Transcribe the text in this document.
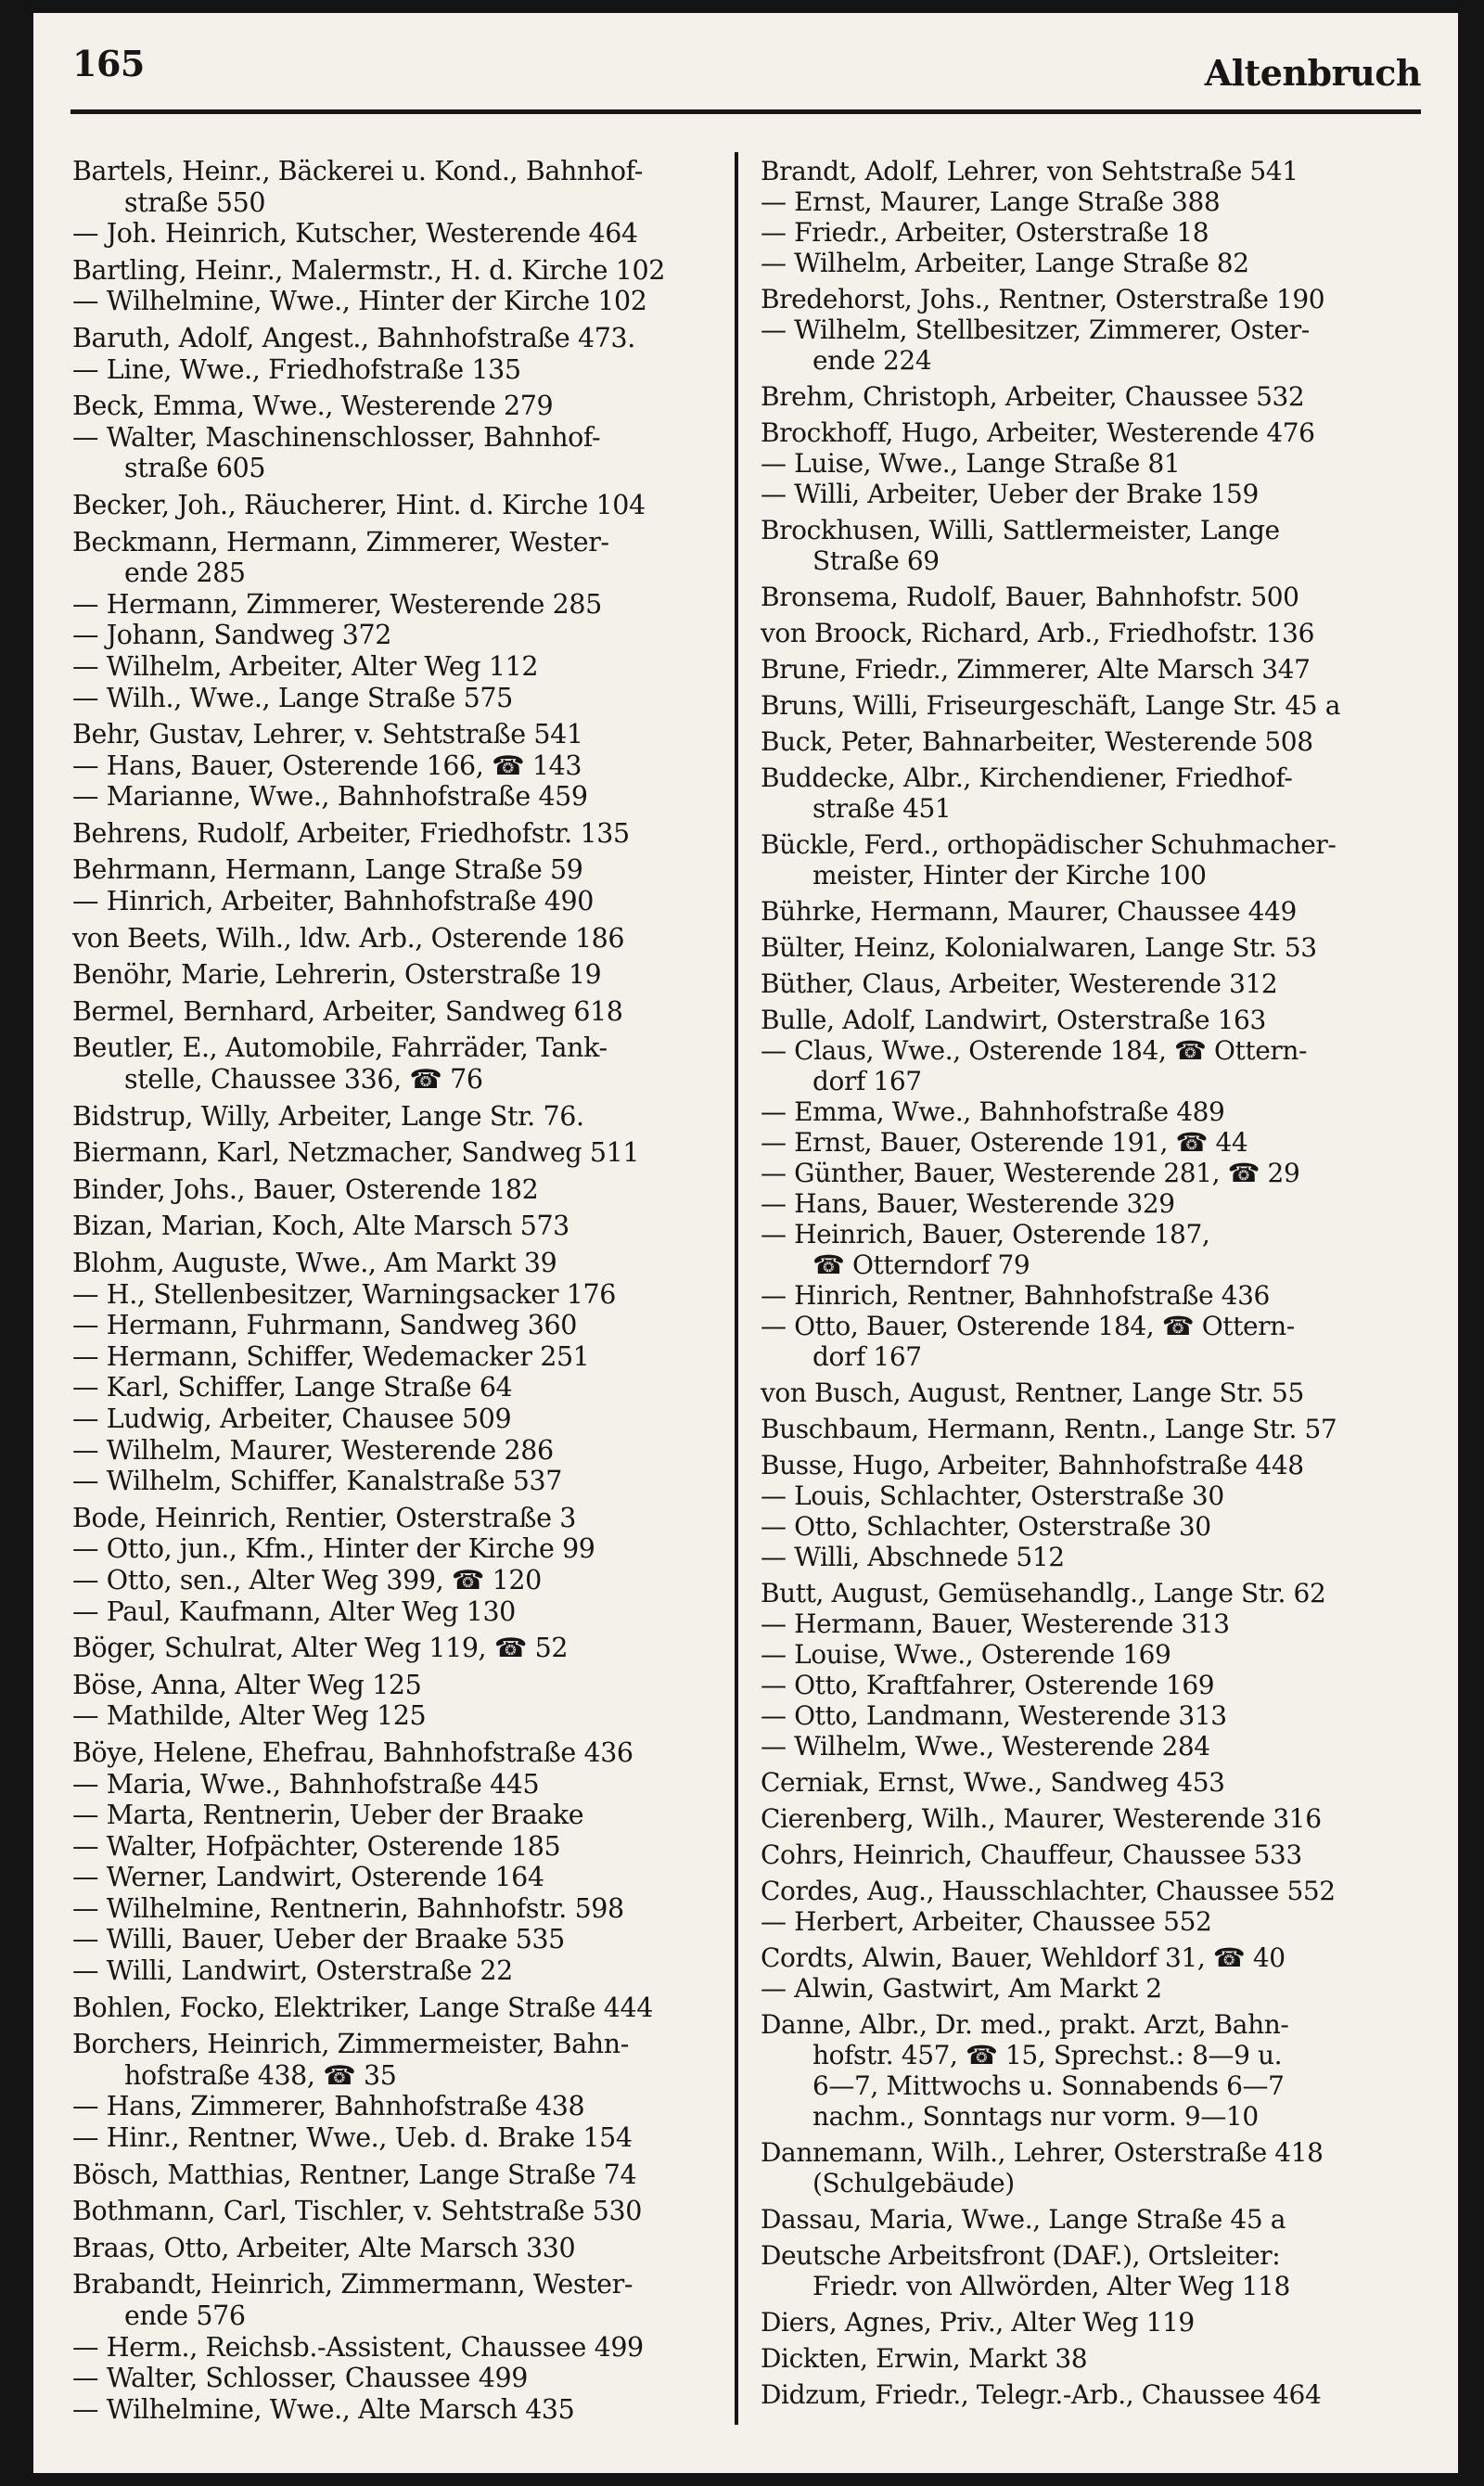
165	Altenbruch
Bartels, Heinr., Bäckerei u. Kond., Bahnhof-
straße 550
— Joh. Heinrich, Kutscher, Westerende 464
Bartling, Heinr., Malermstr., H. d. Kirche 102
— Wilhelmine, Wwe., Hinter der Kirche 102
Baruth, Adolf, Angest., Bahnhofstraße 473.
— Line, Wwe., Friedhofstraße 135
Beck, Emma, Wwe., Westerende 279
— Walter, Maschinenschlosser, Bahnhof-
straße 605
Becker, Joh., Räucherer, Hint. d. Kirche 104
Beckmann, Hermann, Zimmerer, Wester-
ende 285
— Hermann, Zimmerer, Westerende 285
— Johann, Sandweg 372
— Wilhelm, Arbeiter, Alter Weg 112
— Wilh., Wwe., Lange Straße 575
Behr, Gustav, Lehrer, v. Sehtstraße 541
— Hans, Bauer, Osterende 166, ☎ 143
— Marianne, Wwe., Bahnhofstraße 459
Behrens, Rudolf, Arbeiter, Friedhofstr. 135
Behrmann, Hermann, Lange Straße 59
— Hinrich, Arbeiter, Bahnhofstraße 490
von Beets, Wilh., ldw. Arb., Osterende 186
Benöhr, Marie, Lehrerin, Osterstraße 19
Bermel, Bernhard, Arbeiter, Sandweg 618
Beutler, E., Automobile, Fahrräder, Tank-
stelle, Chaussee 336, ☎ 76
Bidstrup, Willy, Arbeiter, Lange Str. 76.
Biermann, Karl, Netzmacher, Sandweg 511
Binder, Johs., Bauer, Osterende 182
Bizan, Marian, Koch, Alte Marsch 573
Blohm, Auguste, Wwe., Am Markt 39
— H., Stellenbesitzer, Warningsacker 176
— Hermann, Fuhrmann, Sandweg 360
— Hermann, Schiffer, Wedemacker 251
— Karl, Schiffer, Lange Straße 64
— Ludwig, Arbeiter, Chausee 509
— Wilhelm, Maurer, Westerende 286
— Wilhelm, Schiffer, Kanalstraße 537
Bode, Heinrich, Rentier, Osterstraße 3
— Otto, jun., Kfm., Hinter der Kirche 99
— Otto, sen., Alter Weg 399, ☎ 120
— Paul, Kaufmann, Alter Weg 130
Böger, Schulrat, Alter Weg 119, ☎ 52
Böse, Anna, Alter Weg 125
— Mathilde, Alter Weg 125
Böye, Helene, Ehefrau, Bahnhofstraße 436
— Maria, Wwe., Bahnhofstraße 445
— Marta, Rentnerin, Ueber der Braake
— Walter, Hofpächter, Osterende 185
— Werner, Landwirt, Osterende 164
— Wilhelmine, Rentnerin, Bahnhofstr. 598
— Willi, Bauer, Ueber der Braake 535
— Willi, Landwirt, Osterstraße 22
Bohlen, Focko, Elektriker, Lange Straße 444
Borchers, Heinrich, Zimmermeister, Bahn-
hofstraße 438, ☎ 35
— Hans, Zimmerer, Bahnhofstraße 438
— Hinr., Rentner, Wwe., Ueb. d. Brake 154
Bösch, Matthias, Rentner, Lange Straße 74
Bothmann, Carl, Tischler, v. Sehtstraße 530
Braas, Otto, Arbeiter, Alte Marsch 330
Brabandt, Heinrich, Zimmermann, Wester-
ende 576
— Herm., Reichsb.-Assistent, Chaussee 499
— Walter, Schlosser, Chaussee 499
— Wilhelmine, Wwe., Alte Marsch 435
Brandt, Adolf, Lehrer, von Sehtstraße 541
— Ernst, Maurer, Lange Straße 388
— Friedr., Arbeiter, Osterstraße 18
— Wilhelm, Arbeiter, Lange Straße 82
Bredehorst, Johs., Rentner, Osterstraße 190
— Wilhelm, Stellbesitzer, Zimmerer, Oster-
ende 224
Brehm, Christoph, Arbeiter, Chaussee 532
Brockhoff, Hugo, Arbeiter, Westerende 476
— Luise, Wwe., Lange Straße 81
— Willi, Arbeiter, Ueber der Brake 159
Brockhusen, Willi, Sattlermeister, Lange
Straße 69
Bronsema, Rudolf, Bauer, Bahnhofstr. 500
von Broock, Richard, Arb., Friedhofstr. 136
Brune, Friedr., Zimmerer, Alte Marsch 347
Bruns, Willi, Friseurgeschäft, Lange Str. 45 a
Buck, Peter, Bahnarbeiter, Westerende 508
Buddecke, Albr., Kirchendiener, Friedhof-
straße 451
Bückle, Ferd., orthopädischer Schuhmacher-
meister, Hinter der Kirche 100
Bührke, Hermann, Maurer, Chaussee 449
Bülter, Heinz, Kolonialwaren, Lange Str. 53
Büther, Claus, Arbeiter, Westerende 312
Bulle, Adolf, Landwirt, Osterstraße 163
— Claus, Wwe., Osterende 184, ☎ Ottern-
dorf 167
— Emma, Wwe., Bahnhofstraße 489
— Ernst, Bauer, Osterende 191, ☎ 44
— Günther, Bauer, Westerende 281, ☎ 29
— Hans, Bauer, Westerende 329
— Heinrich, Bauer, Osterende 187,
☎ Otterndorf 79
— Hinrich, Rentner, Bahnhofstraße 436
— Otto, Bauer, Osterende 184, ☎ Ottern-
dorf 167
von Busch, August, Rentner, Lange Str. 55
Buschbaum, Hermann, Rentn., Lange Str. 57
Busse, Hugo, Arbeiter, Bahnhofstraße 448
— Louis, Schlachter, Osterstraße 30
— Otto, Schlachter, Osterstraße 30
— Willi, Abschnede 512
Butt, August, Gemüsehandlg., Lange Str. 62
— Hermann, Bauer, Westerende 313
— Louise, Wwe., Osterende 169
— Otto, Kraftfahrer, Osterende 169
— Otto, Landmann, Westerende 313
— Wilhelm, Wwe., Westerende 284
Cerniak, Ernst, Wwe., Sandweg 453
Cierenberg, Wilh., Maurer, Westerende 316
Cohrs, Heinrich, Chauffeur, Chaussee 533
Cordes, Aug., Hausschlachter, Chaussee 552
— Herbert, Arbeiter, Chaussee 552
Cordts, Alwin, Bauer, Wehldorf 31, ☎ 40
— Alwin, Gastwirt, Am Markt 2
Danne, Albr., Dr. med., prakt. Arzt, Bahn-
hofstr. 457, ☎ 15, Sprechst.: 8—9 u.
6—7, Mittwochs u. Sonnabends 6—7
nachm., Sonntags nur vorm. 9—10
Dannemann, Wilh., Lehrer, Osterstraße 418
(Schulgebäude)
Dassau, Maria, Wwe., Lange Straße 45 a
Deutsche Arbeitsfront (DAF.), Ortsleiter:
Friedr. von Allwörden, Alter Weg 118
Diers, Agnes, Priv., Alter Weg 119
Dickten, Erwin, Markt 38
Didzum, Friedr., Telegr.-Arb., Chaussee 464
